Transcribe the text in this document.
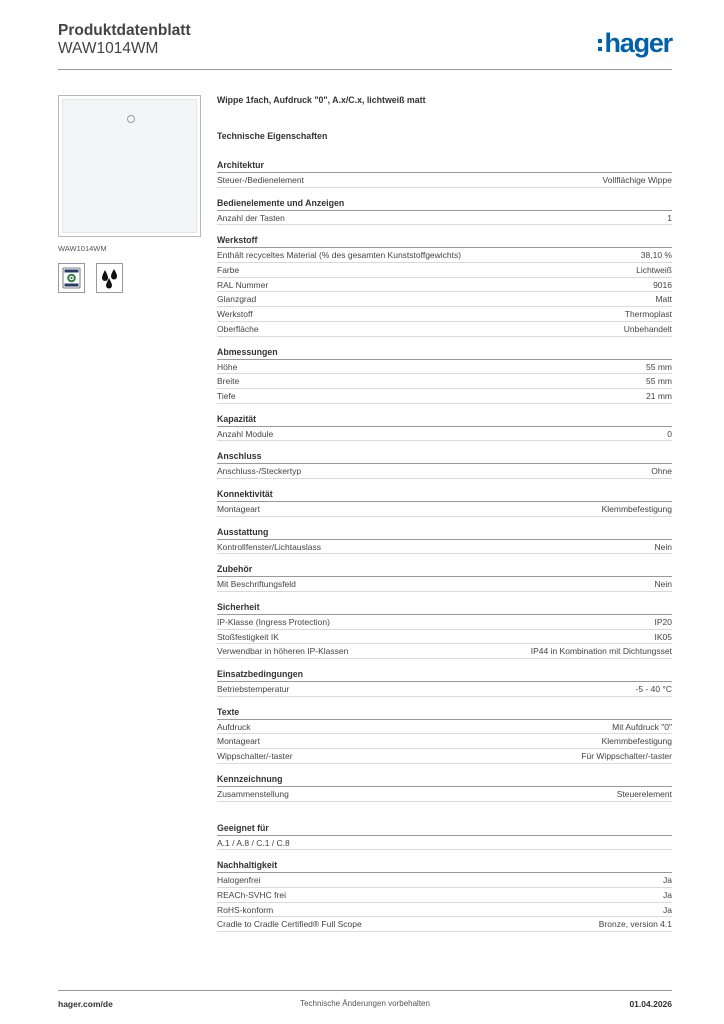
Produktdatenblatt
WAW1014WM	hager
WAW1014WM
Wippe 1fach, Aufdruck "0", A.x/C.x, lichtweiß matt
Technische Eigenschaften
Architektur
Steuer-/Bedienelement	Vollflächige Wippe
Bedienelemente und Anzeigen
Anzahl der Tasten	1
Werkstoff
Enthält recyceltes Material (% des gesamten Kunststoffgewichts)	38,10 %
Farbe	Lichtweiß
RAL Nummer	9016
Glanzgrad	Matt
Werkstoff	Thermoplast
Oberfläche	Unbehandelt
Abmessungen
Höhe	55 mm
Breite	55 mm
Tiefe	21 mm
Kapazität
Anzahl Module	0
Anschluss
Anschluss-/Steckertyp	Ohne
Konnektivität
Montageart	Klemmbefestigung
Ausstattung
Kontrollfenster/Lichtauslass	Nein
Zubehör
Mit Beschriftungsfeld	Nein
Sicherheit
IP-Klasse (Ingress Protection)	IP20
Stoßfestigkeit IK	IK05
Verwendbar in höheren IP-Klassen	IP44 in Kombination mit Dichtungsset
Einsatzbedingungen
Betriebstemperatur	-5 - 40 °C
Texte
Aufdruck	Mit Aufdruck "0"
Montageart	Klemmbefestigung
Wippschalter/-taster	Für Wippschalter/-taster
Kennzeichnung
Zusammenstellung	Steuerelement
Geeignet für
A.1 / A.8 / C.1 / C.8
Nachhaltigkeit
Halogenfrei	Ja
REACh-SVHC frei	Ja
RoHS-konform	Ja
Cradle to Cradle Certified® Full Scope	Bronze, version 4.1
hager.com/de	Technische Änderungen vorbehalten	01.04.2026
